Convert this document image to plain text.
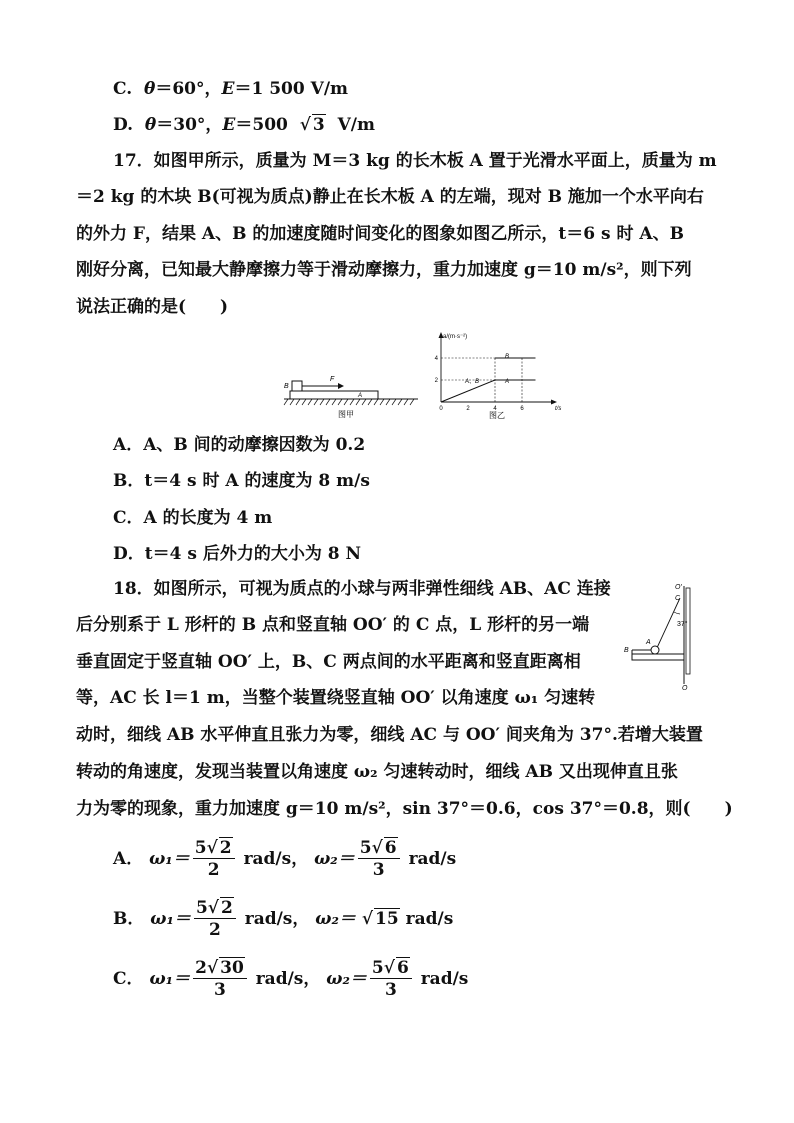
C. θ＝60°，E＝1 500 V/m
D. θ＝30°，E＝500  √ 3 V/m
17．如图甲所示，质量为 M＝3 kg 的长木板 A 置于光滑水平面上，质量为 m
＝2 kg 的木块 B(可视为质点)静止在长木板 A 的左端，现对 B 施加一个水平向右
的外力 F，结果 A、B 的加速度随时间变化的图象如图乙所示，t＝6 s 时 A、B
刚好分离，已知最大静摩擦力等于滑动摩擦力，重力加速度 g＝10 m/s²，则下列
说法正确的是(　　)
B
F
A
图甲
a/(m·s⁻²)
t/s
4
2
0	2	4	6
A、B	A
B
图乙
A．A、B 间的动摩擦因数为 0.2
B．t＝4 s 时 A 的速度为 8 m/s
C．A 的长度为 4 m
D．t＝4 s 后外力的大小为 8 N
18．如图所示，可视为质点的小球与两非弹性细线 AB、AC 连接
后分别系于 L 形杆的 B 点和竖直轴 OO′ 的 C 点，L 形杆的另一端
垂直固定于竖直轴 OO′ 上，B、C 两点间的水平距离和竖直距离相
等，AC 长 l＝1 m，当整个装置绕竖直轴 OO′ 以角速度 ω₁ 匀速转
动时，细线 AB 水平伸直且张力为零，细线 AC 与 OO′ 间夹角为 37°.若增大装置
转动的角速度，发现当装置以角速度 ω₂ 匀速转动时，细线 AB 又出现伸直且张
力为零的现象，重力加速度 g＝10 m/s²，sin 37°＝0.6，cos 37°＝0.8，则(　　)
O′
C
37°
A
B
O
A． $\omega_1= \frac{5√ 2}{2} rad/s$， $\omega_2= \frac{5√ 6}{3} rad/s$
B． $\omega_1= \frac{5√ 2}{2} rad/s$， ω₂＝ √ 15 rad/s
C． $\omega_1= \frac{2√ 30}{3} rad/s$， $\omega_2= \frac{5√ 6}{3} rad/s$
